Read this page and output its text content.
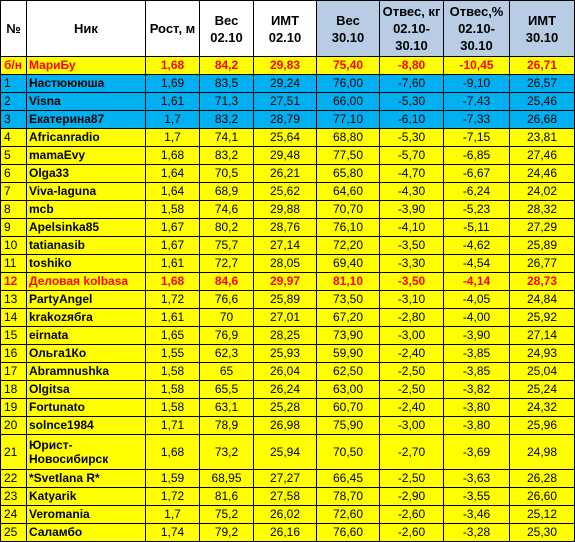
№	Ник	Рост, м	Вес 02.10	ИМТ 02.10	Вес 30.10	Отвес, кг 02.10-30.10	Отвес,% 02.10-30.10	ИМТ 30.10
б/н	МариБу	1,68	84,2	29,83	75,40	-8,80	-10,45	26,71
1	Настюююша	1,69	83,5	29,24	76,00	-7,60	-9,10	26,57
2	Visna	1,61	71,3	27,51	66,00	-5,30	-7,43	25,46
3	Екатерина87	1,7	83,2	28,79	77,10	-6,10	-7,33	26,68
4	Africanradio	1,7	74,1	25,64	68,80	-5,30	-7,15	23,81
5	mamaEvy	1,68	83,2	29,48	77,50	-5,70	-6,85	27,46
6	Olga33	1,64	70,5	26,21	65,80	-4,70	-6,67	24,46
7	Viva-laguna	1,64	68,9	25,62	64,60	-4,30	-6,24	24,02
8	mcb	1,58	74,6	29,88	70,70	-3,90	-5,23	28,32
9	Apelsinka85	1,67	80,2	28,76	76,10	-4,10	-5,11	27,29
10	tatianasib	1,67	75,7	27,14	72,20	-3,50	-4,62	25,89
11	toshiko	1,61	72,7	28,05	69,40	-3,30	-4,54	26,77
12	Деловая kolbasa	1,68	84,6	29,97	81,10	-3,50	-4,14	28,73
13	PartyAngel	1,72	76,6	25,89	73,50	-3,10	-4,05	24,84
14	krakozябra	1,61	70	27,01	67,20	-2,80	-4,00	25,92
15	eirnata	1,65	76,9	28,25	73,90	-3,00	-3,90	27,14
16	Ольга1Ко	1,55	62,3	25,93	59,90	-2,40	-3,85	24,93
17	Abramnushka	1,58	65	26,04	62,50	-2,50	-3,85	25,04
18	Olgitsa	1,58	65,5	26,24	63,00	-2,50	-3,82	25,24
19	Fortunato	1,58	63,1	25,28	60,70	-2,40	-3,80	24,32
20	solnce1984	1,71	78,9	26,98	75,90	-3,00	-3,80	25,96
21	Юрист-Новосибирск	1,68	73,2	25,94	70,50	-2,70	-3,69	24,98
22	*Svetlana R*	1,59	68,95	27,27	66,45	-2,50	-3,63	26,28
23	Katyarik	1,72	81,6	27,58	78,70	-2,90	-3,55	26,60
24	Veromania	1,7	75,2	26,02	72,60	-2,60	-3,46	25,12
25	Саламбо	1,74	79,2	26,16	76,60	-2,60	-3,28	25,30
